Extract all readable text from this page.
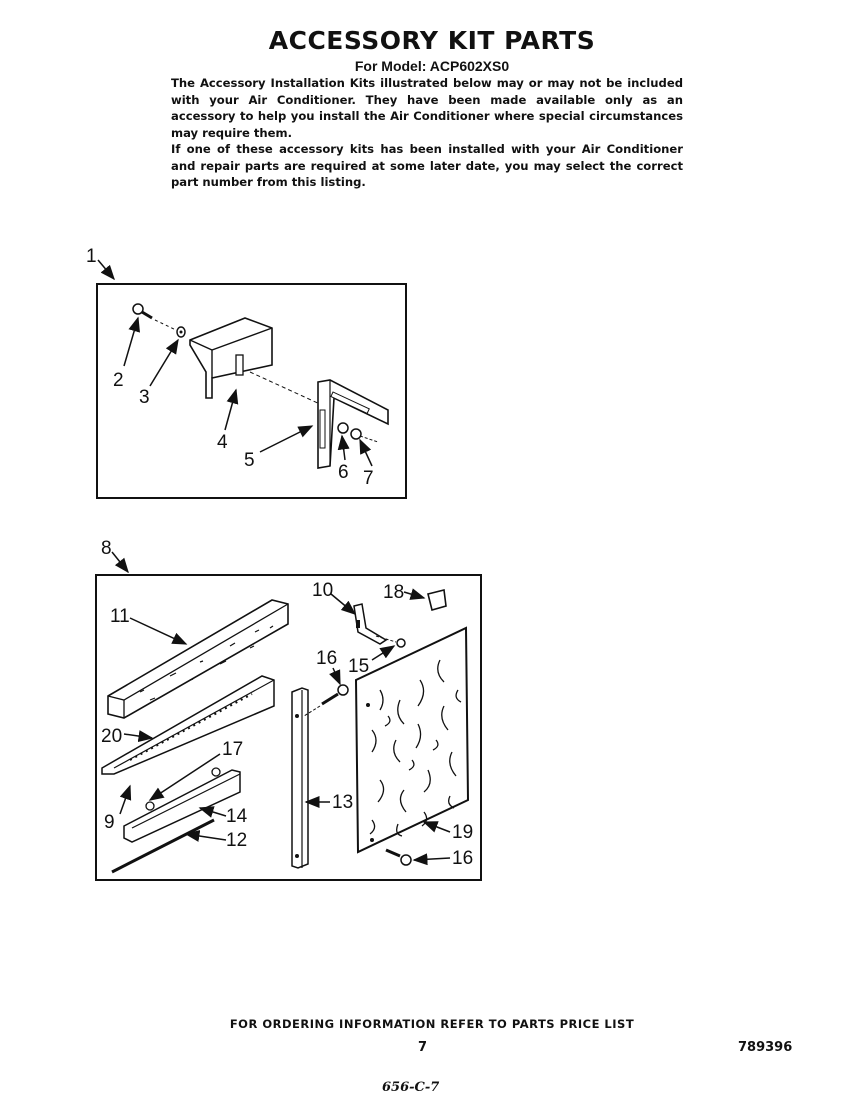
ACCESSORY KIT PARTS
For Model: ACP602XS0

The Accessory Installation Kits illustrated below may or may not be included with your Air Conditioner. They have been made available only as an accessory to help you install the Air Conditioner where special circumstances may require them.

If one of these accessory kits has been installed with your Air Conditioner and repair parts are required at some later date, you may select the correct part number from this listing.

1
2
3
4
5
6 7
8
10	18
11
16 15
20
17
9	14
12
13
19
16
FOR ORDERING INFORMATION REFER TO PARTS PRICE LIST
7	789396
656-C-7
